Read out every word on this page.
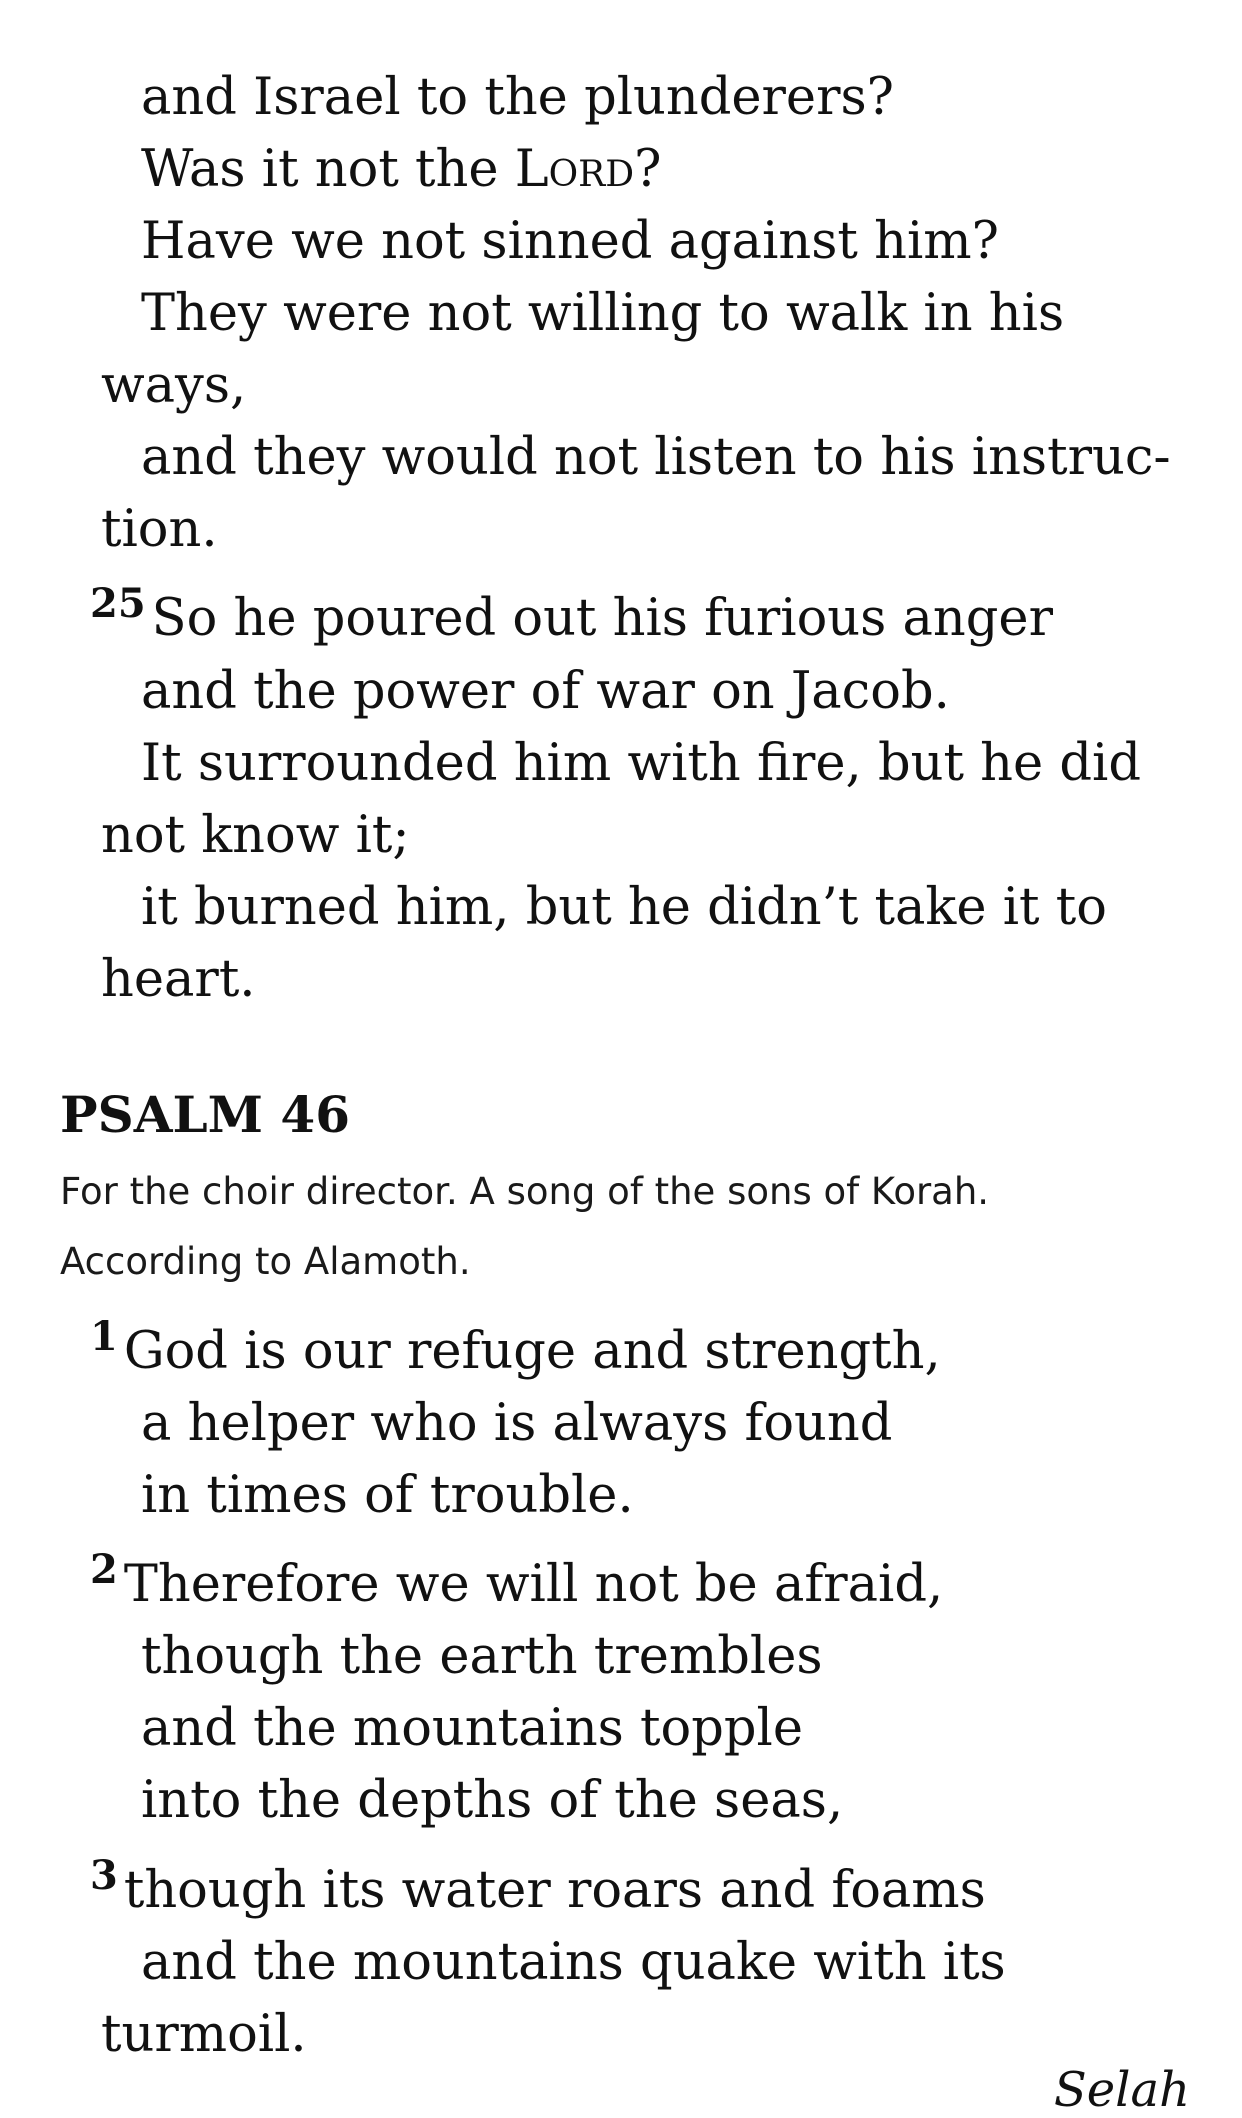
and Israel to the plunderers?
Was it not the Lord?
Have we not sinned against him?
They were not willing to walk in his
ways,
and they would not listen to his instruc-
tion.
$^{25}$ So he poured out his furious anger
and the power of war on Jacob.
It surrounded him with fire, but he did
not know it;
it burned him, but he didn’t take it to
heart.
PSALM 46
For the choir director. A song of the sons of Korah.
According to Alamoth.
$^1$ God is our refuge and strength,
a helper who is always found
in times of trouble.
$^2$ Therefore we will not be afraid,
though the earth trembles
and the mountains topple
into the depths of the seas,
$^3$ though its water roars and foams
and the mountains quake with its
turmoil.
Selah
